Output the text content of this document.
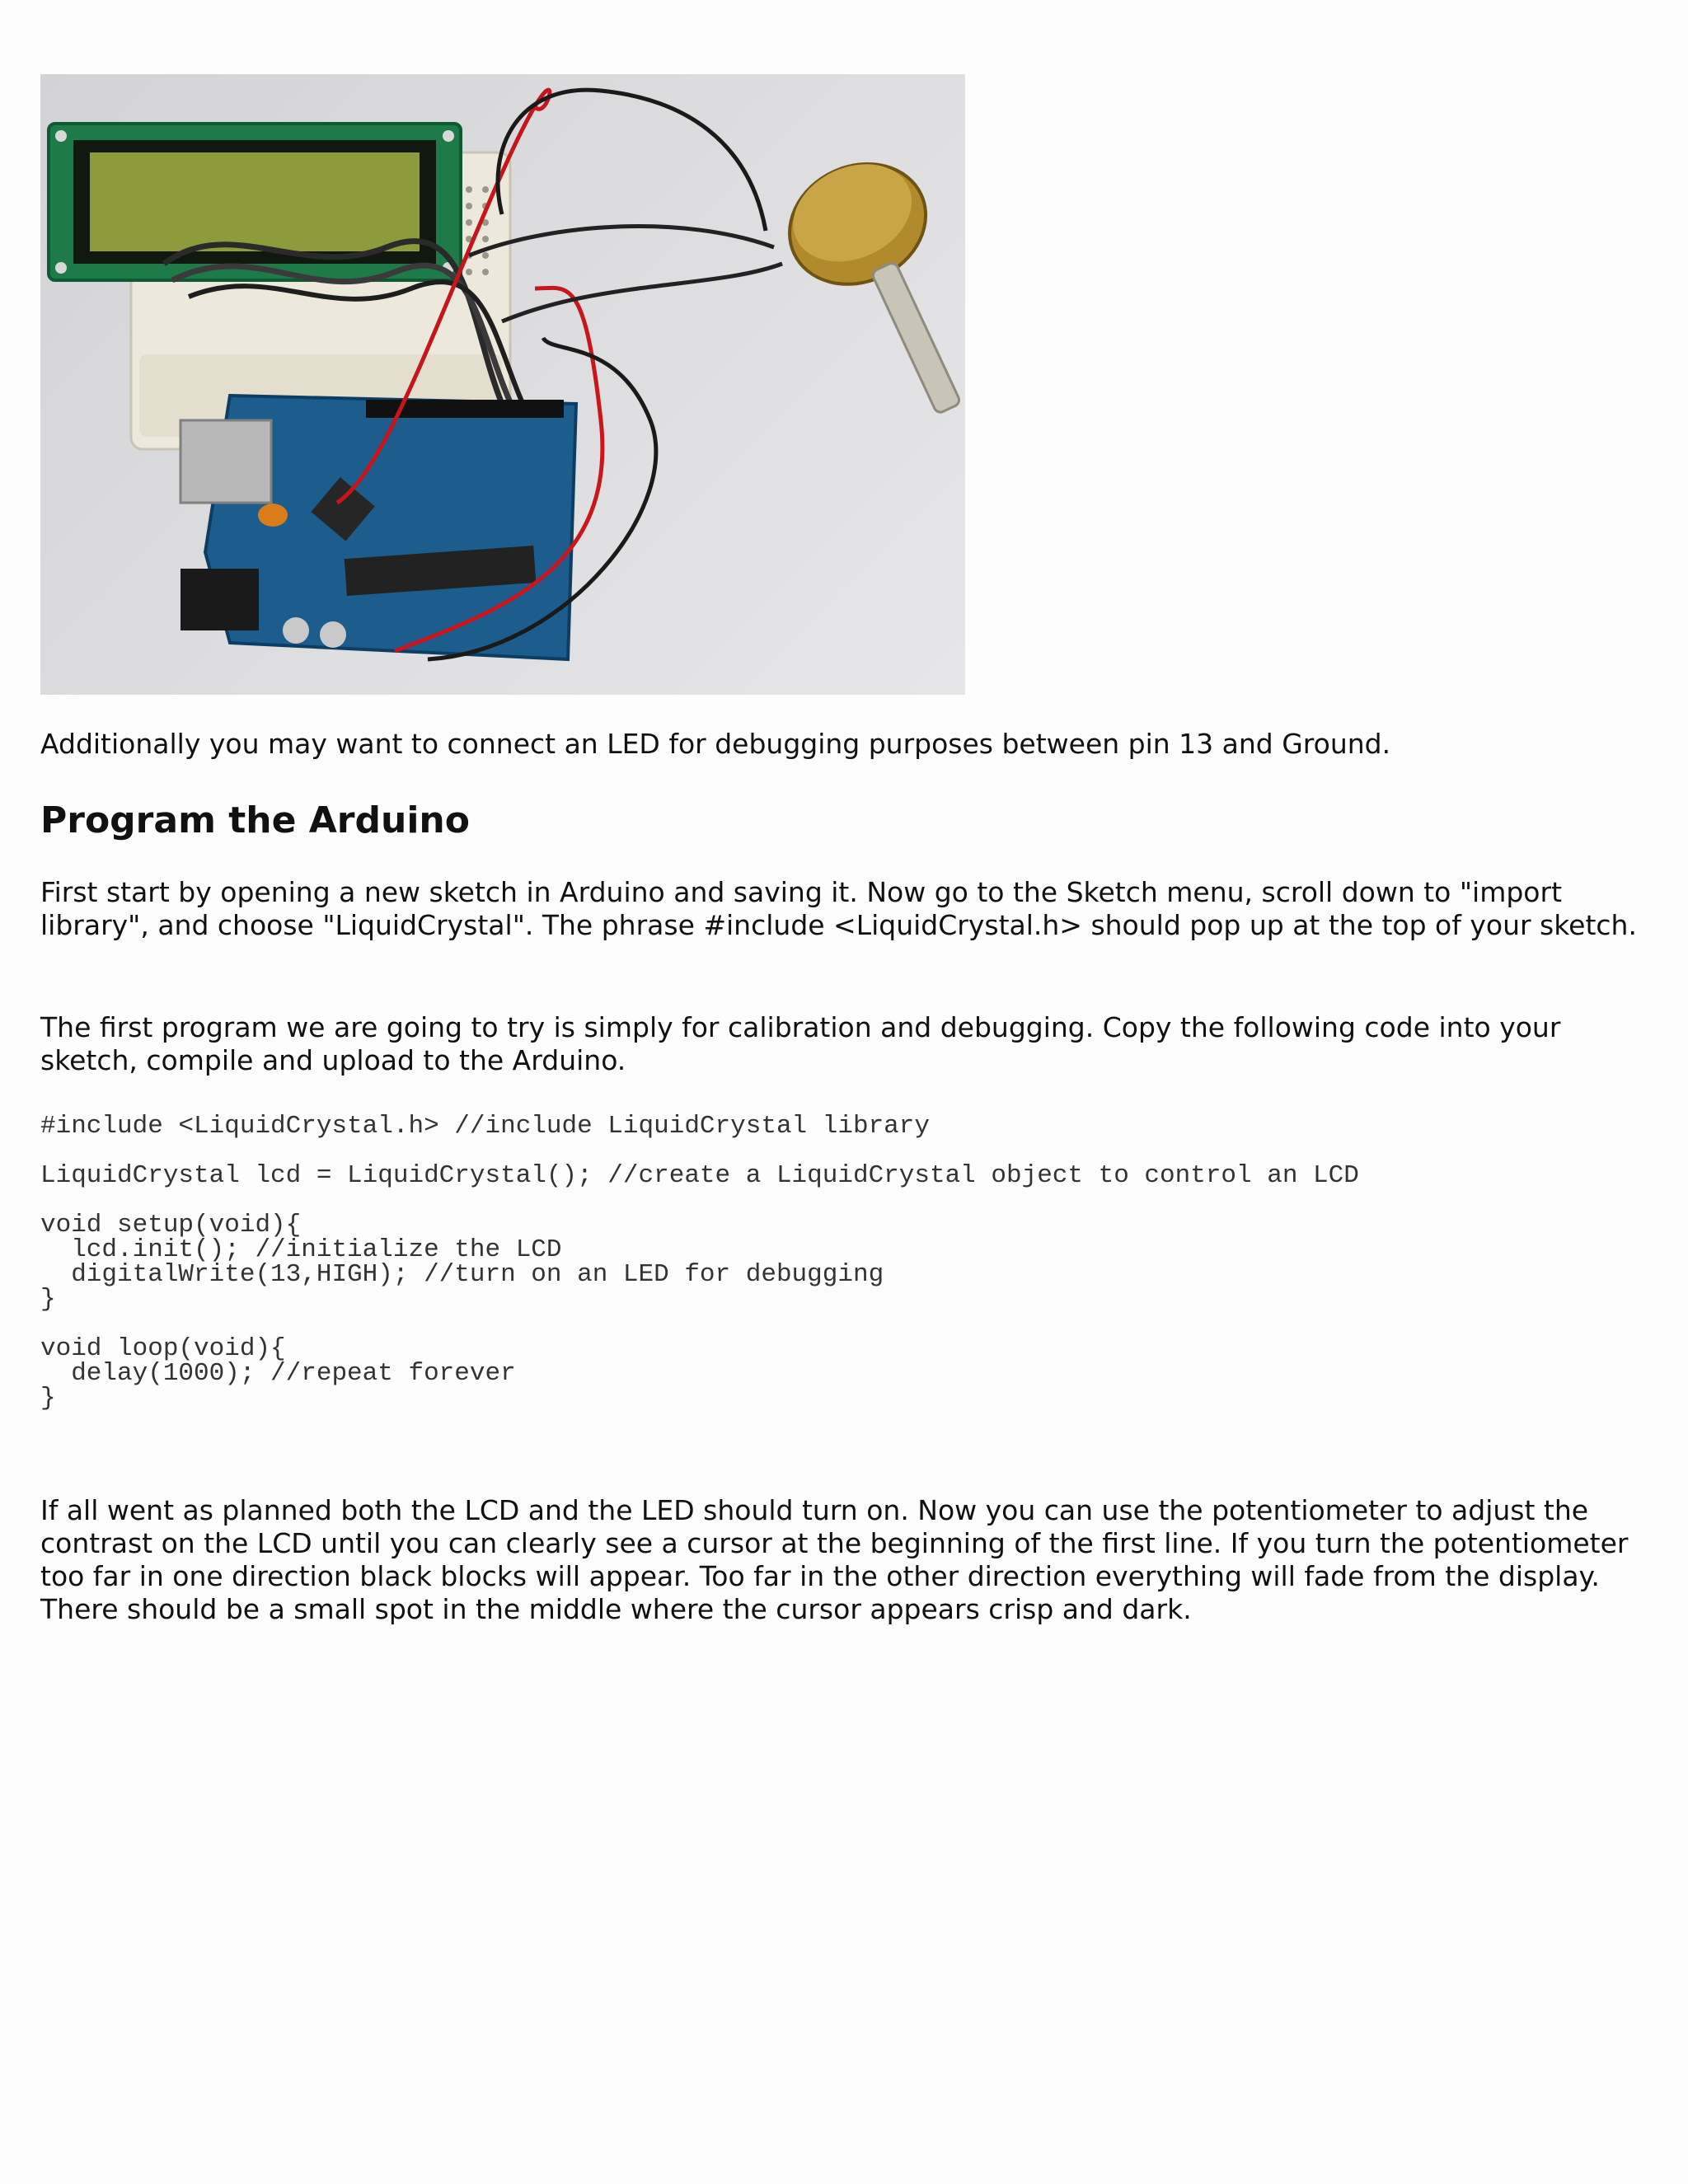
Additionally you may want to connect an LED for debugging purposes between pin 13 and Ground.

Program the Arduino

First start by opening a new sketch in Arduino and saving it. Now go to the Sketch menu, scroll down to "import library", and choose "LiquidCrystal". The phrase #include <LiquidCrystal.h> should pop up at the top of your sketch.

The first program we are going to try is simply for calibration and debugging. Copy the following code into your sketch, compile and upload to the Arduino.

#include <LiquidCrystal.h> //include LiquidCrystal library
LiquidCrystal lcd = LiquidCrystal(); //create a LiquidCrystal object to control an LCD
void setup(void){
lcd.init(); //initialize the LCD
digitalWrite(13,HIGH); //turn on an LED for debugging
}
void loop(void){
delay(1000); //repeat forever
}

If all went as planned both the LCD and the LED should turn on. Now you can use the potentiometer to adjust the contrast on the LCD until you can clearly see a cursor at the beginning of the first line. If you turn the potentiometer too far in one direction black blocks will appear. Too far in the other direction everything will fade from the display. There should be a small spot in the middle where the cursor appears crisp and dark.
